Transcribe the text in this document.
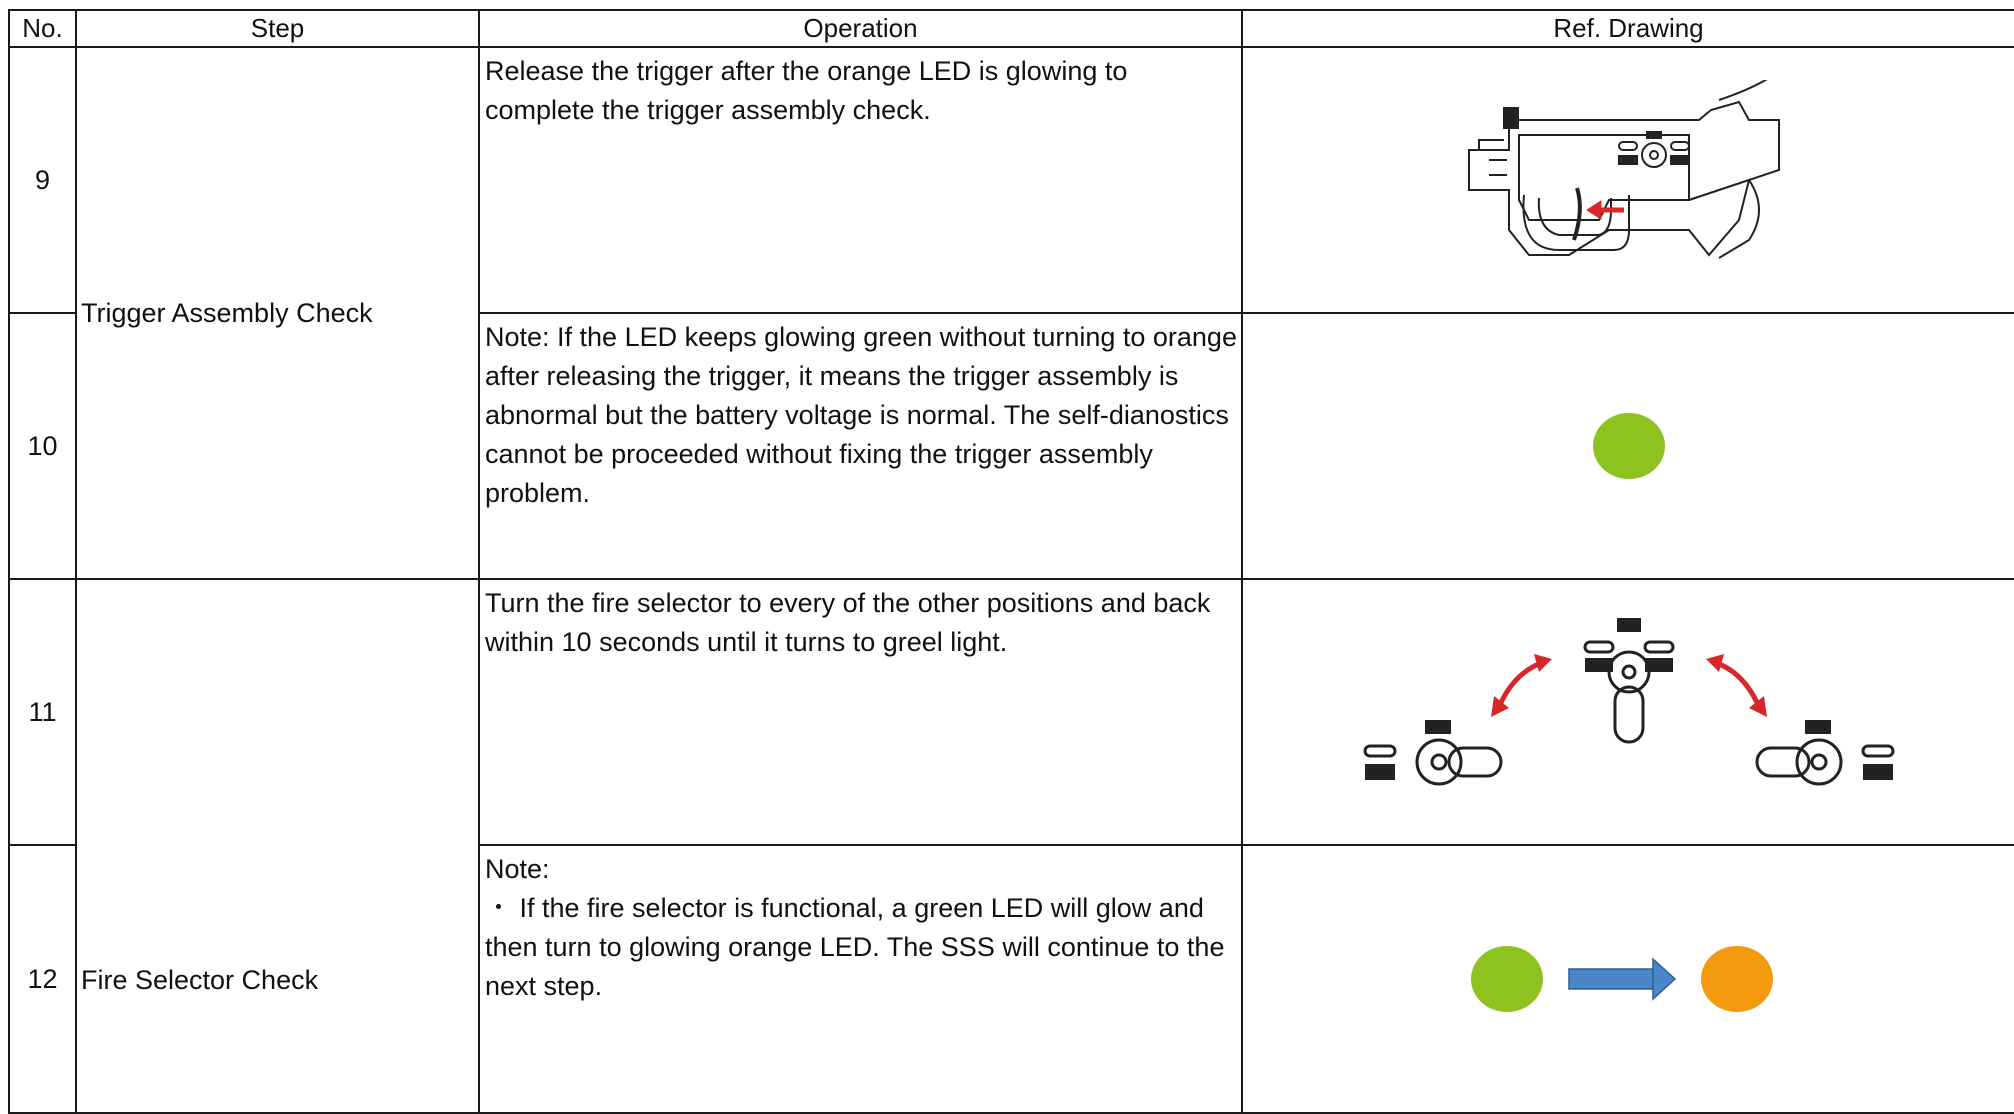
No.	Step	Operation	Ref. Drawing
9	Trigger Assembly Check	Release the trigger after the orange LED is glowing to complete the trigger assembly check.	

10		Note: If the LED keeps glowing green without turning to orange after releasing the trigger, it means the trigger assembly is abnormal but the battery voltage is normal. The self-dianostics cannot be proceeded without fixing the trigger assembly problem.	

11	Fire Selector Check	Turn the fire selector to every of the other positions and back within 10 seconds until it turns to greel light.	

12		Note:
・ If the fire selector is functional, a green LED will glow and then turn to glowing orange LED. The SSS will continue to the next step.
